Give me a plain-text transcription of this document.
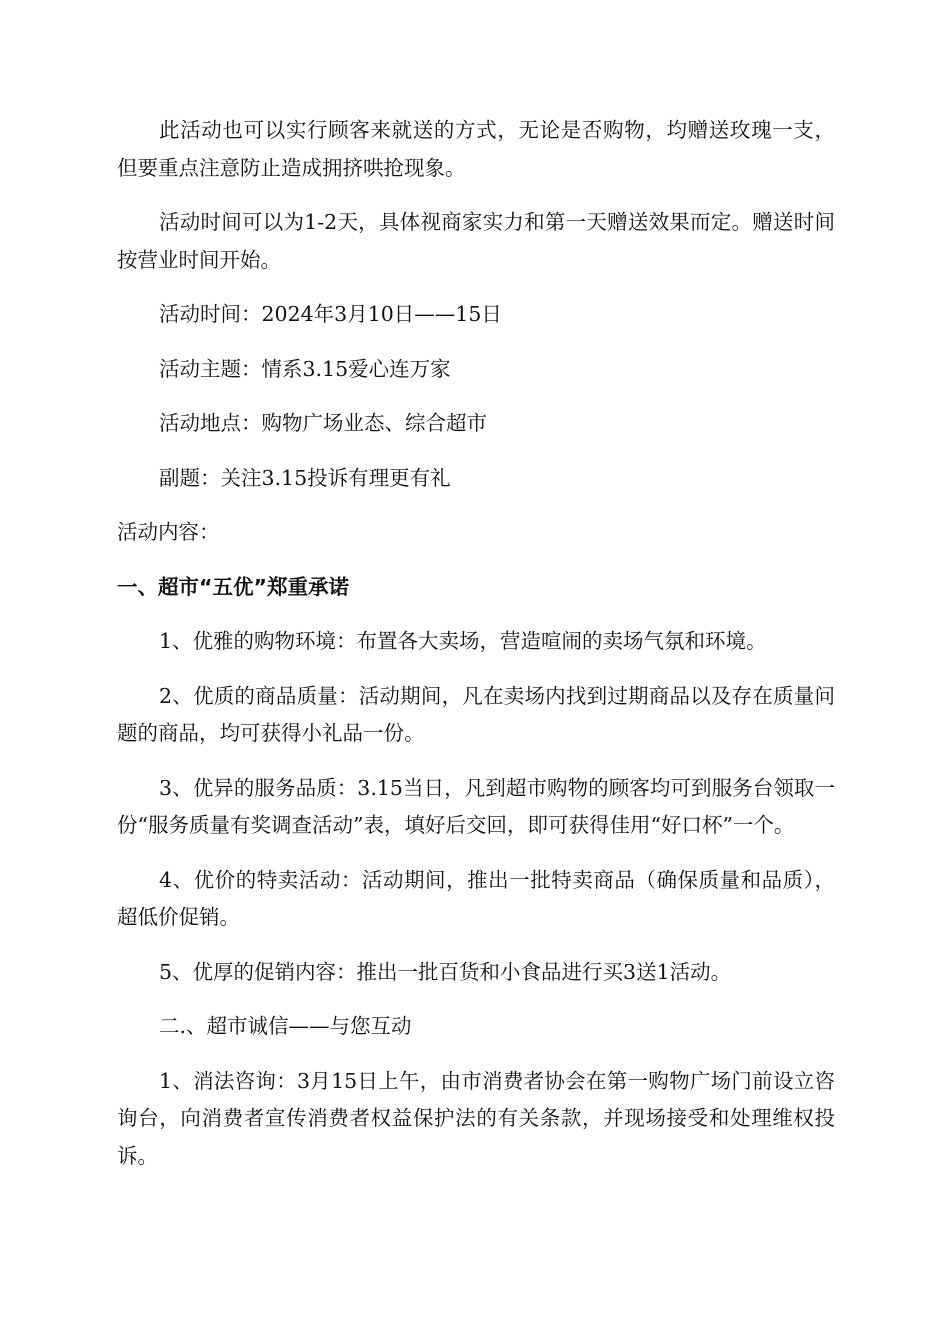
此活动也可以实行顾客来就送的方式，无论是否购物，均赠送玫瑰一支，但要重点注意防止造成拥挤哄抢现象。

活动时间可以为1-2天，具体视商家实力和第一天赠送效果而定。赠送时间按营业时间开始。

活动时间：2024年3月10日——15日

活动主题：情系3.15爱心连万家

活动地点：购物广场业态、综合超市

副题：关注3.15投诉有理更有礼

活动内容：

一、超市“五优”郑重承诺

1、优雅的购物环境：布置各大卖场，营造喧闹的卖场气氛和环境。

2、优质的商品质量：活动期间，凡在卖场内找到过期商品以及存在质量问题的商品，均可获得小礼品一份。

3、优异的服务品质：3.15当日，凡到超市购物的顾客均可到服务台领取一份“服务质量有奖调查活动”表，填好后交回，即可获得佳用“好口杯”一个。

4、优价的特卖活动：活动期间，推出一批特卖商品（确保质量和品质），超低价促销。

5、优厚的促销内容：推出一批百货和小食品进行买3送1活动。

二.、超市诚信——与您互动

1、消法咨询：3月15日上午，由市消费者协会在第一购物广场门前设立咨询台，向消费者宣传消费者权益保护法的有关条款，并现场接受和处理维权投诉。
